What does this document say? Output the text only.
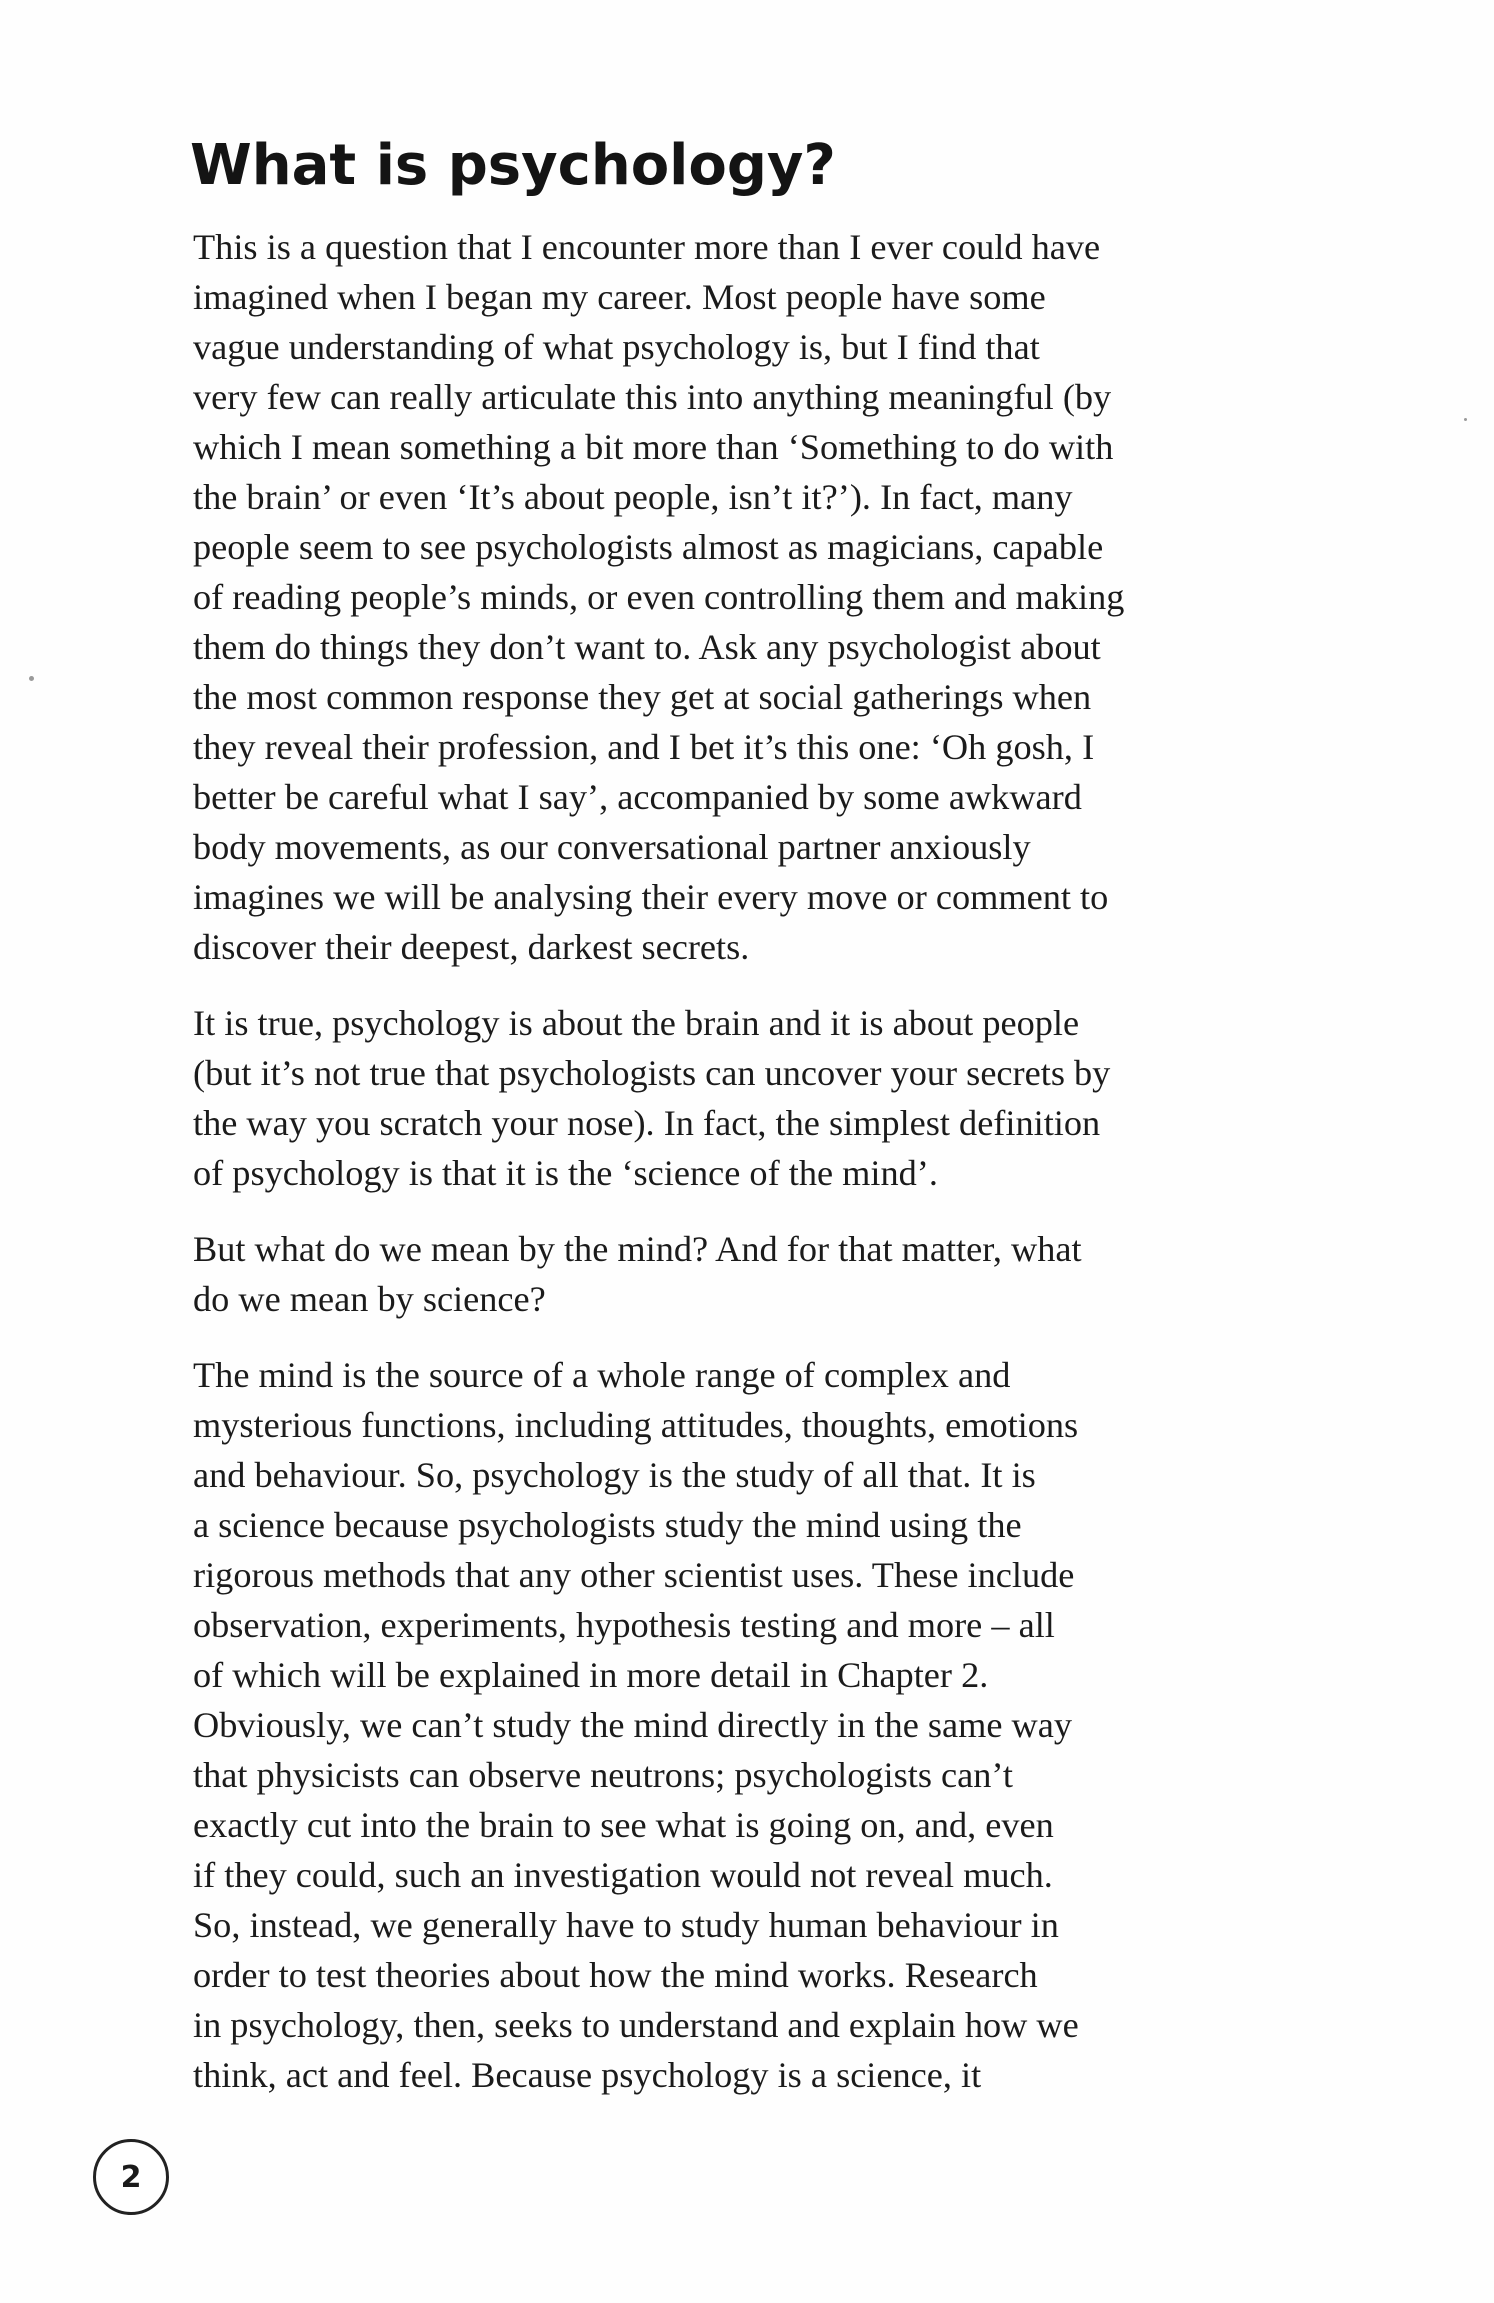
What is psychology?

This is a question that I encounter more than I ever could have
imagined when I began my career. Most people have some
vague understanding of what psychology is, but I find that
very few can really articulate this into anything meaningful (by
which I mean something a bit more than ‘Something to do with
the brain’ or even ‘It’s about people, isn’t it?’). In fact, many
people seem to see psychologists almost as magicians, capable
of reading people’s minds, or even controlling them and making
them do things they don’t want to. Ask any psychologist about
the most common response they get at social gatherings when
they reveal their profession, and I bet it’s this one: ‘Oh gosh, I
better be careful what I say’, accompanied by some awkward
body movements, as our conversational partner anxiously
imagines we will be analysing their every move or comment to
discover their deepest, darkest secrets.

It is true, psychology is about the brain and it is about people
(but it’s not true that psychologists can uncover your secrets by
the way you scratch your nose). In fact, the simplest definition
of psychology is that it is the ‘science of the mind’.

But what do we mean by the mind? And for that matter, what
do we mean by science?

The mind is the source of a whole range of complex and
mysterious functions, including attitudes, thoughts, emotions
and behaviour. So, psychology is the study of all that. It is
a science because psychologists study the mind using the
rigorous methods that any other scientist uses. These include
observation, experiments, hypothesis testing and more – all
of which will be explained in more detail in Chapter 2.
Obviously, we can’t study the mind directly in the same way
that physicists can observe neutrons; psychologists can’t
exactly cut into the brain to see what is going on, and, even
if they could, such an investigation would not reveal much.
So, instead, we generally have to study human behaviour in
order to test theories about how the mind works. Research
in psychology, then, seeks to understand and explain how we
think, act and feel. Because psychology is a science, it

2
